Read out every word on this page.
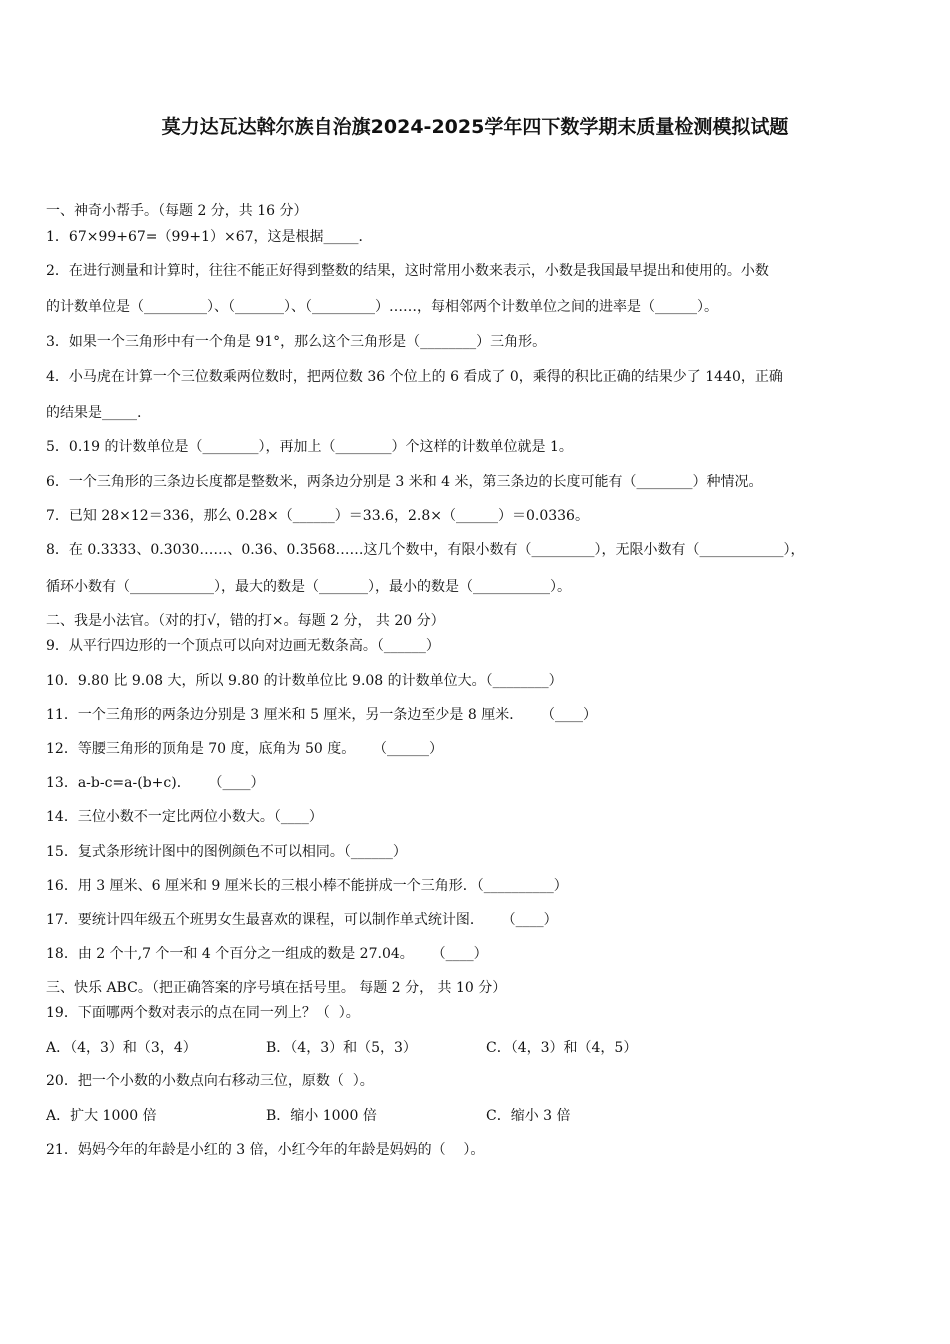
莫力达瓦达斡尔族自治旗2024-2025学年四下数学期末质量检测模拟试题
一、神奇小帮手。（每题 2 分，共 16 分）
1．67×99+67=（99+1）×67，这是根据_____．
2．在进行测量和计算时，往往不能正好得到整数的结果，这时常用小数来表示，小数是我国最早提出和使用的。小数
的计数单位是（_________）、（_______）、（_________）……，每相邻两个计数单位之间的进率是（______）。
3．如果一个三角形中有一个角是 91°，那么这个三角形是（________）三角形。
4．小马虎在计算一个三位数乘两位数时，把两位数 36 个位上的 6 看成了 0，乘得的积比正确的结果少了 1440，正确
的结果是_____.
5．0.19 的计数单位是（________），再加上（________）个这样的计数单位就是 1。
6．一个三角形的三条边长度都是整数米，两条边分别是 3 米和 4 米，第三条边的长度可能有（________）种情况。
7．已知 28×12＝336，那么 0.28×（______）＝33.6，2.8×（______）＝0.0336。
8．在 0.3333、0.3030……、0.36、0.3568……这几个数中，有限小数有（_________），无限小数有（____________），
循环小数有（____________），最大的数是（_______），最小的数是（___________）。
二、我是小法官。（对的打√，错的打×。每题 2 分， 共 20 分）
9．从平行四边形的一个顶点可以向对边画无数条高。（______）
10．9.80 比 9.08 大，所以 9.80 的计数单位比 9.08 的计数单位大。（________）
11．一个三角形的两条边分别是 3 厘米和 5 厘米，另一条边至少是 8 厘米．    （____）
12．等腰三角形的顶角是 70 度，底角为 50 度。    （______）
13．a-b-c=a-(b+c)．    （____）
14．三位小数不一定比两位小数大。（____）
15．复式条形统计图中的图例颜色不可以相同。（______）
16．用 3 厘米、6 厘米和 9 厘米长的三根小棒不能拼成一个三角形．（__________）
17．要统计四年级五个班男女生最喜欢的课程，可以制作单式统计图．    （____）
18．由 2 个十,7 个一和 4 个百分之一组成的数是 27.04。    （____）
三、快乐 ABC。（把正确答案的序号填在括号里。 每题 2 分， 共 10 分）
19．下面哪两个数对表示的点在同一列上？（  ）。
A．（4，3）和（3，4）	B．（4，3）和（5，3）	C．（4，3）和（4，5）
20．把一个小数的小数点向右移动三位，原数（  ）。
A．扩大 1000 倍	B．缩小 1000 倍	C．缩小 3 倍
21．妈妈今年的年龄是小红的 3 倍，小红今年的年龄是妈妈的（    ）。
